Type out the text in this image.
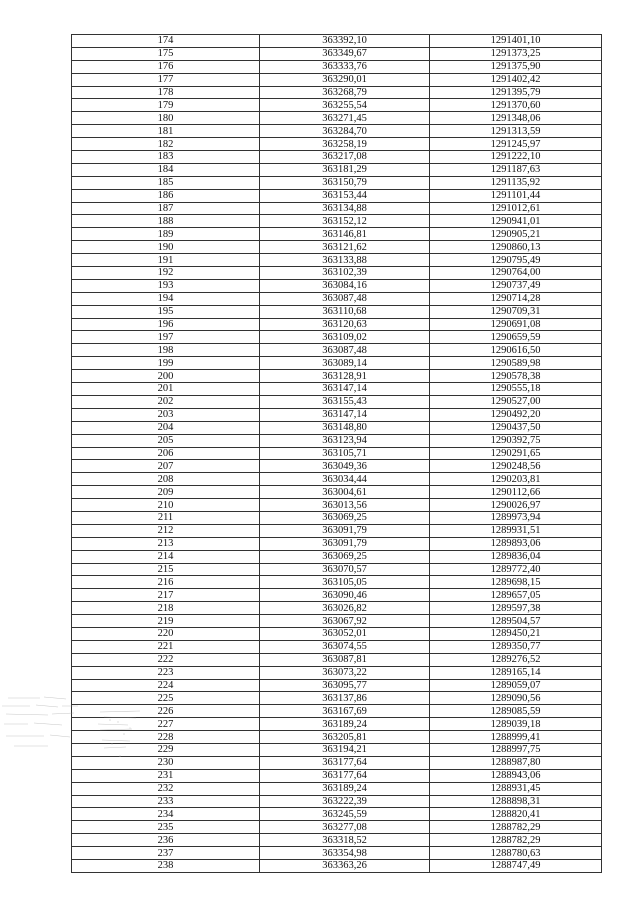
174	363392,10	1291401,10
175	363349,67	1291373,25
176	363333,76	1291375,90
177	363290,01	1291402,42
178	363268,79	1291395,79
179	363255,54	1291370,60
180	363271,45	1291348,06
181	363284,70	1291313,59
182	363258,19	1291245,97
183	363217,08	1291222,10
184	363181,29	1291187,63
185	363150,79	1291135,92
186	363153,44	1291101,44
187	363134,88	1291012,61
188	363152,12	1290941,01
189	363146,81	1290905,21
190	363121,62	1290860,13
191	363133,88	1290795,49
192	363102,39	1290764,00
193	363084,16	1290737,49
194	363087,48	1290714,28
195	363110,68	1290709,31
196	363120,63	1290691,08
197	363109,02	1290659,59
198	363087,48	1290616,50
199	363089,14	1290589,98
200	363128,91	1290578,38
201	363147,14	1290555,18
202	363155,43	1290527,00
203	363147,14	1290492,20
204	363148,80	1290437,50
205	363123,94	1290392,75
206	363105,71	1290291,65
207	363049,36	1290248,56
208	363034,44	1290203,81
209	363004,61	1290112,66
210	363013,56	1290026,97
211	363069,25	1289973,94
212	363091,79	1289931,51
213	363091,79	1289893,06
214	363069,25	1289836,04
215	363070,57	1289772,40
216	363105,05	1289698,15
217	363090,46	1289657,05
218	363026,82	1289597,38
219	363067,92	1289504,57
220	363052,01	1289450,21
221	363074,55	1289350,77
222	363087,81	1289276,52
223	363073,22	1289165,14
224	363095,77	1289059,07
225	363137,86	1289090,56
226	363167,69	1289085,59
227	363189,24	1289039,18
228	363205,81	1288999,41
229	363194,21	1288997,75
230	363177,64	1288987,80
231	363177,64	1288943,06
232	363189,24	1288931,45
233	363222,39	1288898,31
234	363245,59	1288820,41
235	363277,08	1288782,29
236	363318,52	1288782,29
237	363354,98	1288780,63
238	363363,26	1288747,49
